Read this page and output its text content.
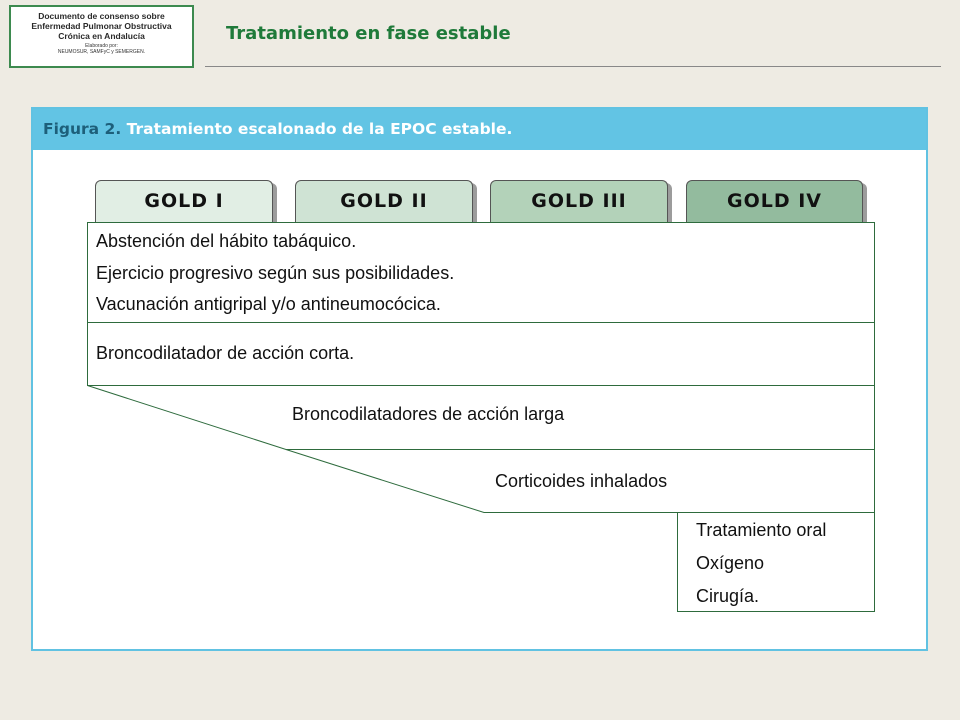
Documento de consenso sobre
Enfermedad Pulmonar Obstructiva
Crónica en Andalucía
Elaborado por:
NEUMOSUR, SAMFyC y SEMERGEN.
Tratamiento en fase estable
Figura 2. Tratamiento escalonado de la EPOC estable.
GOLD I	GOLD II	GOLD III	GOLD IV
Abstención del hábito tabáquico.
Ejercicio progresivo según sus posibilidades.
Vacunación antigripal y/o antineumocócica.
Broncodilatador de acción corta.
Broncodilatadores de acción larga
Corticoides inhalados
Tratamiento oral
Oxígeno
Cirugía.
